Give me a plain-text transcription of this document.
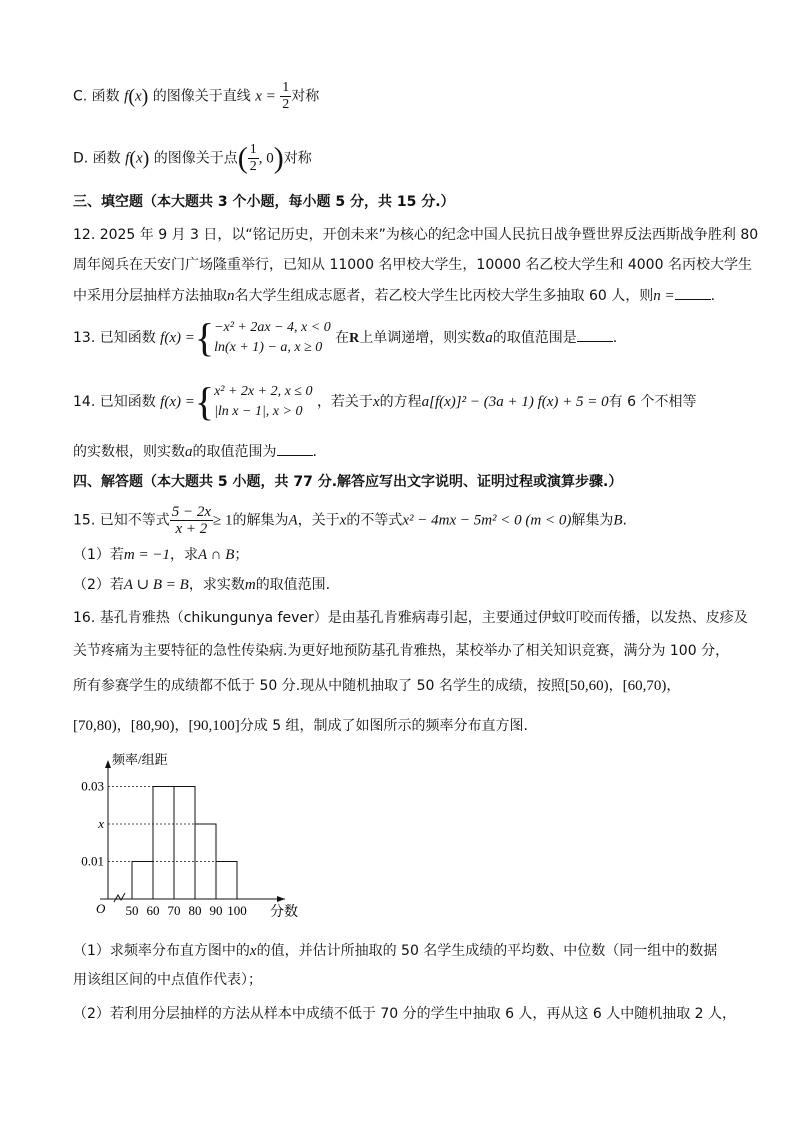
C. 函数 f(x) 的图像关于直线 $x = \frac{1}{2}$ 对称
D. 函数 f(x) 的图像关于点( $\frac{1}{2}$ , 0)对称
三、填空题（本大题共 3 个小题，每小题 5 分，共 15 分.）
12. 2025 年 9 月 3 日，以“铭记历史，开创未来”为核心的纪念中国人民抗日战争暨世界反法西斯战争胜利 80
周年阅兵在天安门广场隆重举行，已知从 11000 名甲校大学生，10000 名乙校大学生和 4000 名丙校大学生
中采用分层抽样方法抽取n名大学生组成志愿者，若乙校大学生比丙校大学生多抽取 60 人，则n =	.
13. 已知函数 f(x) ={ −x² + 2ax − 4, x < 0
ln(x + 1) − a, x ≥ 0
在R上单调递增，则实数a的取值范围是	.
14. 已知函数 f(x) ={ x² + 2x + 2, x ≤ 0
|ln x − 1|, x > 0
，若关于x的方程a[f(x)]² − (3a + 1) f(x) + 5 = 0有 6 个不相等
的实数根，则实数a的取值范围为	.
四、解答题（本大题共 5 小题，共 77 分.解答应写出文字说明、证明过程或演算步骤.）
15. 已知不等式 $\frac{5 - 2x}{x + 2} \ge 1$的解集为A，关于x的不等式x² − 4mx − 5m² < 0 (m < 0)解集为B.
（1）若m = −1，求A ∩ B；
（2）若A ∪ B = B，求实数m的取值范围.
16. 基孔肯雅热（chikungunya fever）是由基孔肯雅病毒引起，主要通过伊蚊叮咬而传播，以发热、皮疹及
关节疼痛为主要特征的急性传染病.为更好地预防基孔肯雅热，某校举办了相关知识竞赛，满分为 100 分，
所有参赛学生的成绩都不低于 50 分.现从中随机抽取了 50 名学生的成绩，按照[50,60)，[60,70)，
[70,80)，[80,90)，[90,100]分成 5 组，制成了如图所示的频率分布直方图.
0.03
x
0.01
50 60 70 80 90 100 分数
频率/组距
O
（1）求频率分布直方图中的x的值，并估计所抽取的 50 名学生成绩的平均数、中位数（同一组中的数据
用该组区间的中点值作代表）；
（2）若利用分层抽样的方法从样本中成绩不低于 70 分的学生中抽取 6 人，再从这 6 人中随机抽取 2 人，
